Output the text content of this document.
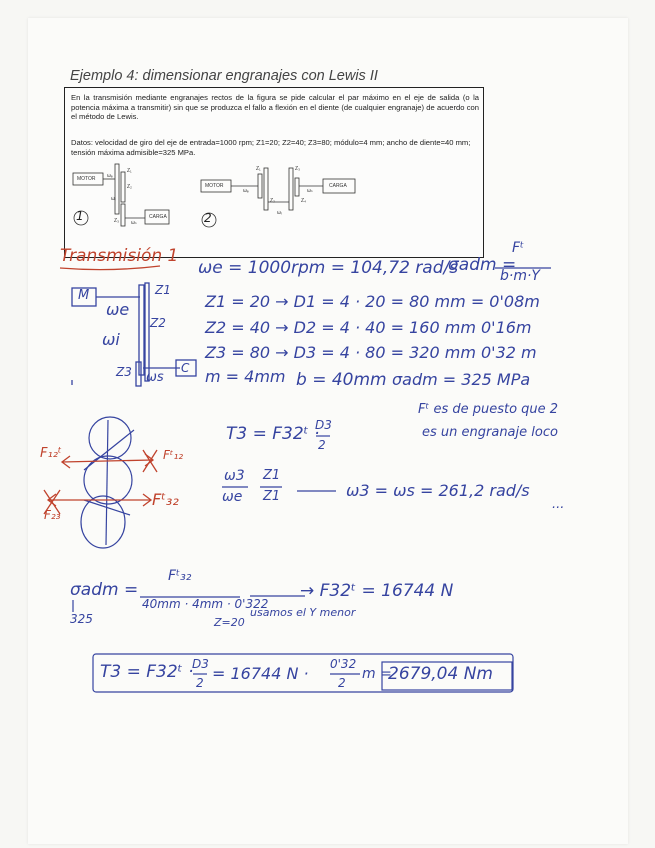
Ejemplo 4: dimensionar engranajes con Lewis II
En la transmisión mediante engranajes rectos de la figura se pide calcular el par máximo en el eje de salida (o la potencia máxima a transmitir) sin que se produzca el fallo a flexión en el diente (de cualquier engranaje) de acuerdo con el método de Lewis.
Datos: velocidad de giro del eje de entrada=1000 rpm; Z1=20; Z2=40; Z3=80; módulo=4 mm; ancho de diente=40 mm; tensión máxima admisible=325 MPa.
MOTOR
CARGA
Z₁
Z₂
Z₃
ωₑ
ωᵢ
ωₛ
1
MOTOR	CARGA
Z₁
Z₂
Z₃
Z₄
ωₑ
ωᵢ
ωₛ
2
Transmisión 1
ωe = 1000rpm = 104,72 rad/s
σadm =
Fᵗ
b·m·Y
M
C
ωe
ωi
ωs
Z1
Z2
Z3
Z1 = 20 → D1 = 4 · 20 = 80 mm = 0'08m
Z2 = 40 → D2 = 4 · 40 = 160 mm 0'16m
Z3 = 80 → D3 = 4 · 80 = 320 mm 0'32 m
m = 4mm b = 40mm σadm = 325 MPa
T3 = F32ᵗ ·
D3
2
Fᵗ es de puesto que 2
es un engranaje loco
ω3
ωe
Z1
Z1	ω3 = ωs = 261,2 rad/s
...
F₁₂ᵗ	Fᵗ₁₂
F₂₃
Fᵗ₃₂
σadm =
Fᵗ₃₂
40mm · 4mm · 0'322
→ F32ᵗ = 16744 N
325	Z=20
usamos el Y menor
T3 = F32ᵗ ·
D3
2 = 16744 N · 0'32
2
m =
2679,04 Nm
